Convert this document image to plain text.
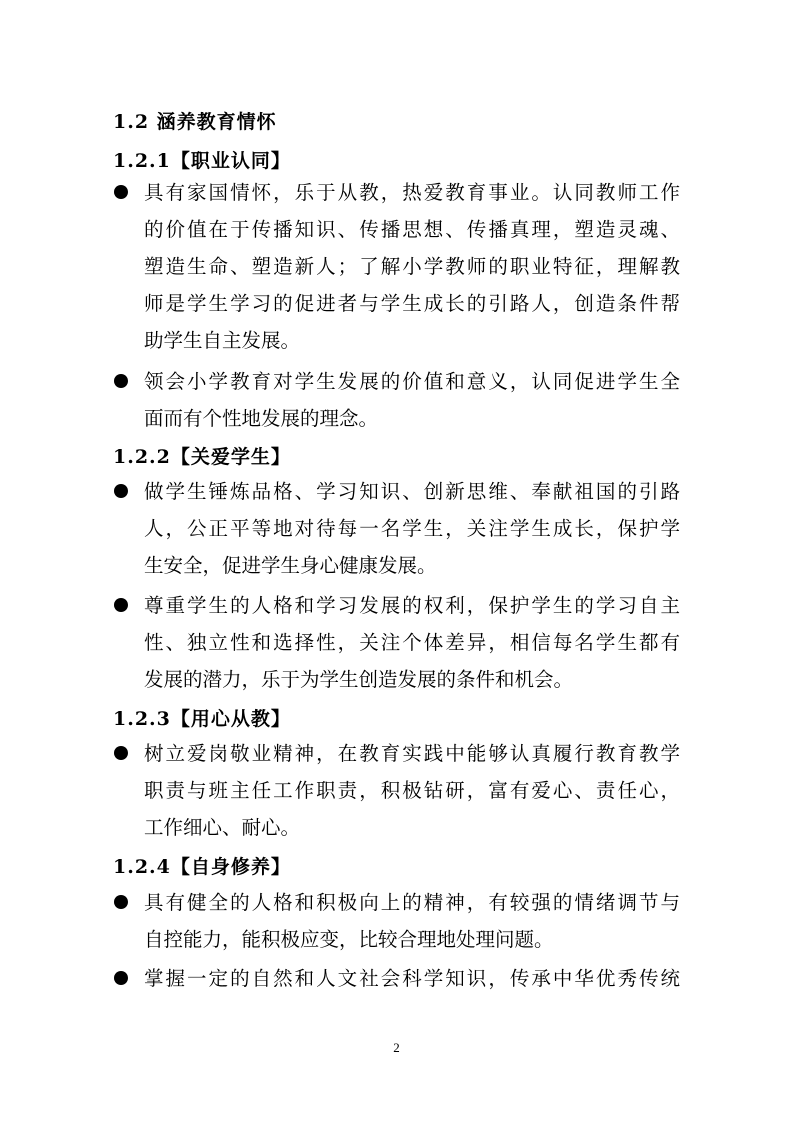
1.2 涵养教育情怀
1.2.1【职业认同】
具有家国情怀，乐于从教，热爱教育事业。认同教师工作
的价值在于传播知识、传播思想、传播真理，塑造灵魂、
塑造生命、塑造新人；了解小学教师的职业特征，理解教
师是学生学习的促进者与学生成长的引路人，创造条件帮
助学生自主发展。
领会小学教育对学生发展的价值和意义，认同促进学生全
面而有个性地发展的理念。
1.2.2【关爱学生】
做学生锤炼品格、学习知识、创新思维、奉献祖国的引路
人，公正平等地对待每一名学生，关注学生成长，保护学
生安全，促进学生身心健康发展。
尊重学生的人格和学习发展的权利，保护学生的学习自主
性、独立性和选择性，关注个体差异，相信每名学生都有
发展的潜力，乐于为学生创造发展的条件和机会。
1.2.3【用心从教】
树立爱岗敬业精神，在教育实践中能够认真履行教育教学
职责与班主任工作职责，积极钻研，富有爱心、责任心，
工作细心、耐心。
1.2.4【自身修养】
具有健全的人格和积极向上的精神，有较强的情绪调节与
自控能力，能积极应变，比较合理地处理问题。
掌握一定的自然和人文社会科学知识，传承中华优秀传统
2
